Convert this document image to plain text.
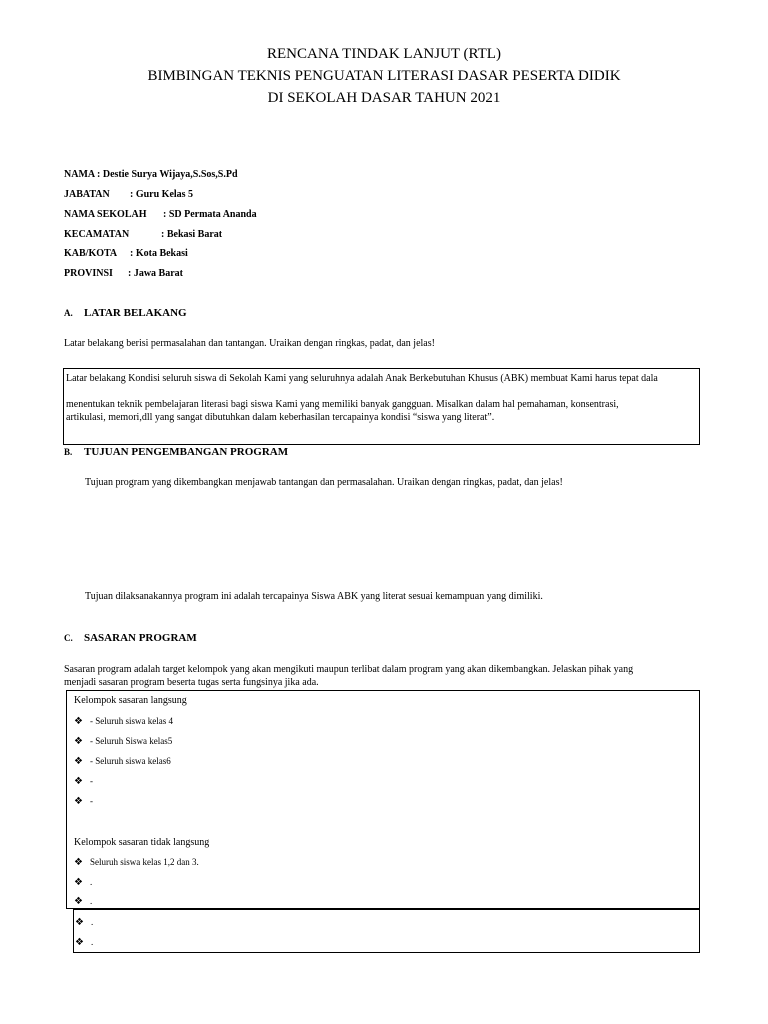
RENCANA TINDAK LANJUT (RTL)
BIMBINGAN TEKNIS PENGUATAN LITERASI DASAR PESERTA DIDIK
DI SEKOLAH DASAR TAHUN 2021
NAMA : Destie Surya Wijaya,S.Sos,S.Pd
JABATAN : Guru Kelas 5
NAMA SEKOLAH : SD Permata Ananda
KECAMATAN	: Bekasi Barat
KAB/KOTA : Kota Bekasi
PROVINSI : Jawa Barat
A. LATAR BELAKANG
Latar belakang berisi permasalahan dan tantangan. Uraikan dengan ringkas, padat, dan jelas!
Latar belakang Kondisi seluruh siswa di Sekolah Kami yang seluruhnya adalah Anak Berkebutuhan Khusus (ABK) membuat Kami harus tepat dala
menentukan teknik pembelajaran literasi bagi siswa Kami yang memiliki banyak gangguan. Misalkan dalam hal pemahaman, konsentrasi,
artikulasi, memori,dll yang sangat dibutuhkan dalam keberhasilan tercapainya kondisi “siswa yang literat”.
B. TUJUAN PENGEMBANGAN PROGRAM
Tujuan program yang dikembangkan menjawab tantangan dan permasalahan. Uraikan dengan ringkas, padat, dan jelas!
Tujuan dilaksanakannya program ini adalah tercapainya Siswa ABK yang literat sesuai kemampuan yang dimiliki.
C. SASARAN PROGRAM
Sasaran program adalah target kelompok yang akan mengikuti maupun terlibat dalam program yang akan dikembangkan. Jelaskan pihak yang
menjadi sasaran program beserta tugas serta fungsinya jika ada.
Kelompok sasaran langsung
❖ - Seluruh siswa kelas 4
❖ - Seluruh Siswa kelas5
❖ - Seluruh siswa kelas6
❖ -
❖ -
Kelompok sasaran tidak langsung
❖ Seluruh siswa kelas 1,2 dan 3.
❖ .
❖ .
❖ .
❖ .
